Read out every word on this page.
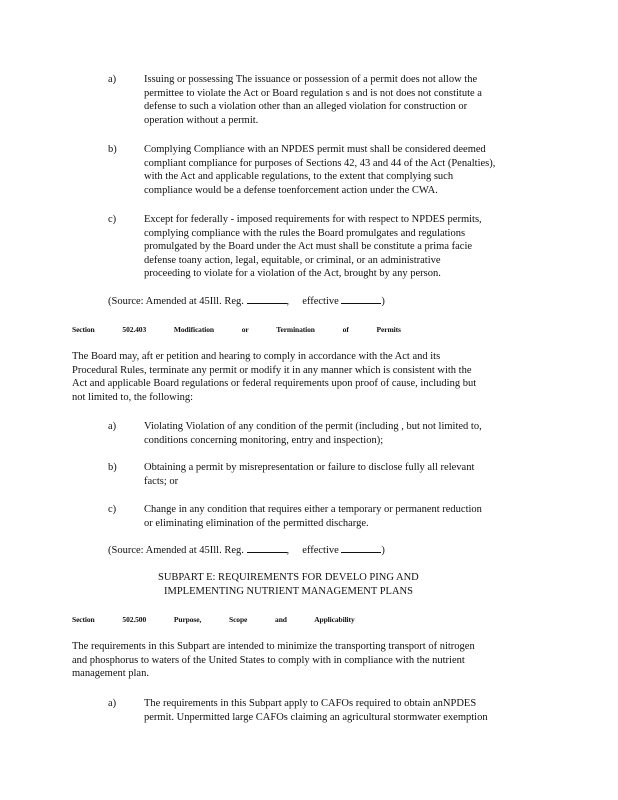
a)	Issuing or possessing The issuance or possession of a permit does not allow the
permittee to violate the Act or Board regulation s and is not does not constitute a
defense to such a violation other than an alleged violation for construction or
operation without a permit.
b)	Complying Compliance with an NPDES permit must shall be considered deemed
compliant compliance for purposes of Sections 42, 43 and 44 of the Act (Penalties),
with the Act and applicable regulations, to the extent that complying such
compliance would be a defense toenforcement action under the CWA.
c)	Except for federally - imposed requirements for with respect to NPDES permits,
complying compliance with the rules the Board promulgates and regulations
promulgated by the Board under the Act must shall be constitute a prima facie
defense toany action, legal, equitable, or criminal, or an administrative
proceeding to violate for a violation of the Act, brought by any person.
(Source: Amended at 45Ill. Reg.	,     effective	)
Section	502.403	Modification	or	Termination	of	Permits
The Board may, aft er petition and hearing to comply in accordance with the Act and its
Procedural Rules, terminate any permit or modify it in any manner which is consistent with the
Act and applicable Board regulations or federal requirements upon proof of cause, including but
not limited to, the following:
a)	Violating Violation of any condition of the permit (including , but not limited to,
conditions concerning monitoring, entry and inspection);
b)	Obtaining a permit by misrepresentation or failure to disclose fully all relevant
facts; or
c)	Change in any condition that requires either a temporary or permanent reduction
or eliminating elimination of the permitted discharge.
(Source: Amended at 45Ill. Reg.	,     effective	)
SUBPART E: REQUIREMENTS FOR DEVELO PING AND
IMPLEMENTING NUTRIENT MANAGEMENT PLANS
Section	502.500	Purpose,	Scope	and	Applicability
The requirements in this Subpart are intended to minimize the transporting transport of nitrogen
and phosphorus to waters of the United States to comply with in compliance with the nutrient
management plan.
a)	The requirements in this Subpart apply to CAFOs required to obtain anNPDES
permit. Unpermitted large CAFOs claiming an agricultural stormwater exemption
